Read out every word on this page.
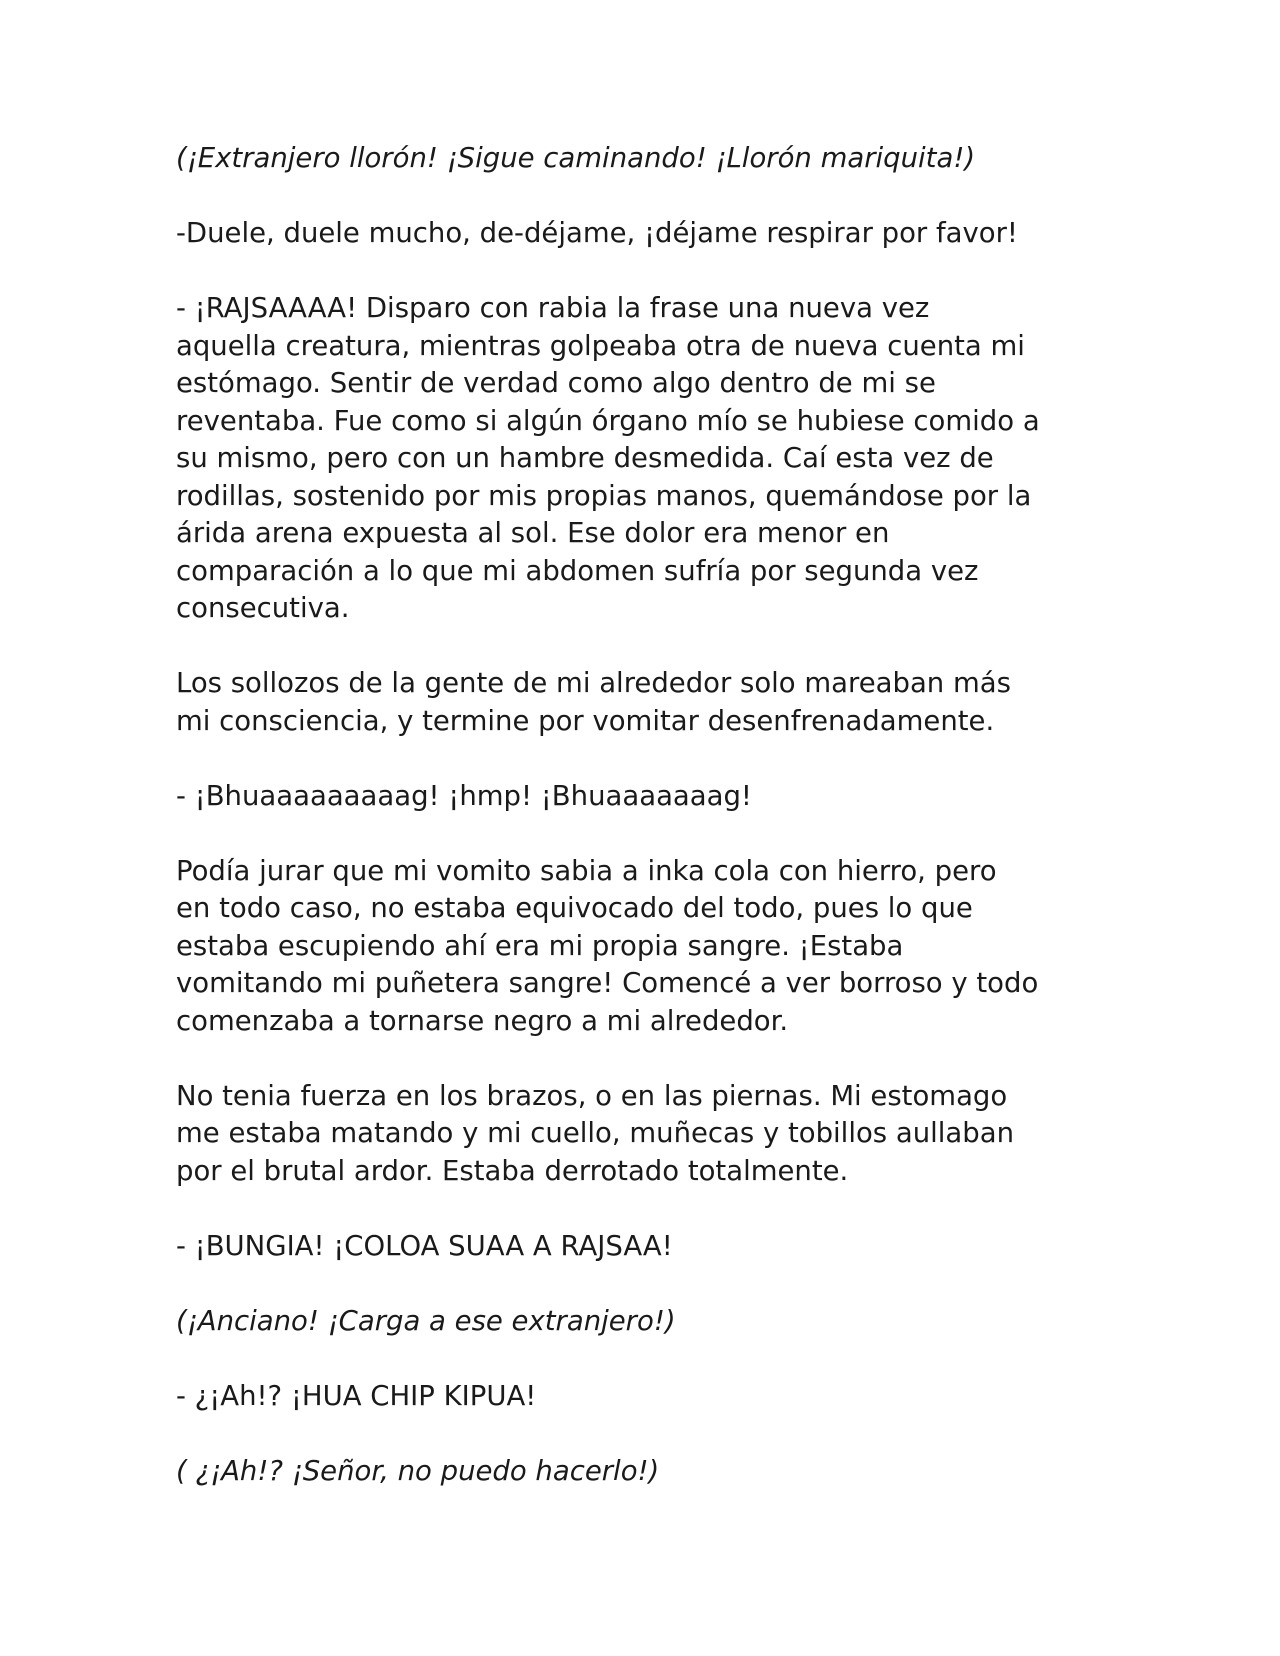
(¡Extranjero llorón! ¡Sigue caminando! ¡Llorón mariquita!)

-Duele, duele mucho, de-déjame, ¡déjame respirar por favor!

- ¡RAJSAAAA! Disparo con rabia la frase una nueva vez
aquella creatura, mientras golpeaba otra de nueva cuenta mi
estómago. Sentir de verdad como algo dentro de mi se
reventaba. Fue como si algún órgano mío se hubiese comido a
su mismo, pero con un hambre desmedida. Caí esta vez de
rodillas, sostenido por mis propias manos, quemándose por la
árida arena expuesta al sol. Ese dolor era menor en
comparación a lo que mi abdomen sufría por segunda vez
consecutiva.

Los sollozos de la gente de mi alrededor solo mareaban más
mi consciencia, y termine por vomitar desenfrenadamente.

- ¡Bhuaaaaaaaaag! ¡hmp! ¡Bhuaaaaaaag!

Podía jurar que mi vomito sabia a inka cola con hierro, pero
en todo caso, no estaba equivocado del todo, pues lo que
estaba escupiendo ahí era mi propia sangre. ¡Estaba
vomitando mi puñetera sangre! Comencé a ver borroso y todo
comenzaba a tornarse negro a mi alrededor.

No tenia fuerza en los brazos, o en las piernas. Mi estomago
me estaba matando y mi cuello, muñecas y tobillos aullaban
por el brutal ardor. Estaba derrotado totalmente.

- ¡BUNGIA! ¡COLOA SUAA A RAJSAA!

(¡Anciano! ¡Carga a ese extranjero!)

- ¿¡Ah!? ¡HUA CHIP KIPUA!

( ¿¡Ah!? ¡Señor, no puedo hacerlo!)
